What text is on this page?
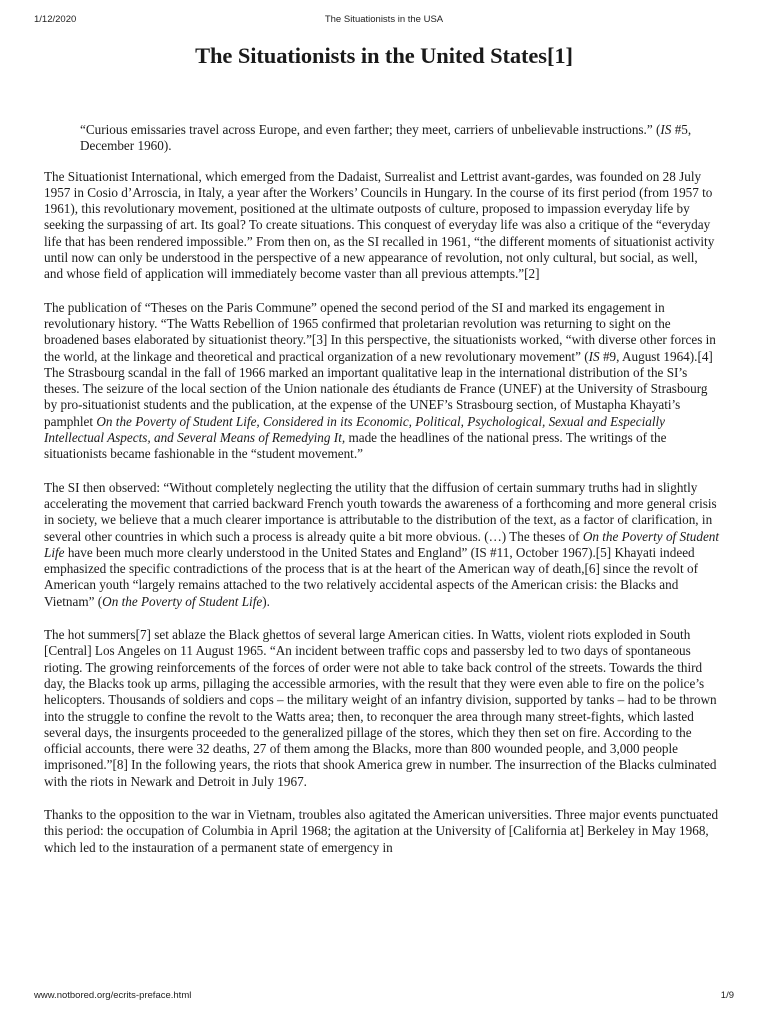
1/12/2020	The Situationists in the USA
The Situationists in the United States[1]
“Curious emissaries travel across Europe, and even farther; they meet, carriers of unbelievable instructions.” (IS #5, December 1960).

The Situationist International, which emerged from the Dadaist, Surrealist and Lettrist avant-gardes, was founded on 28 July 1957 in Cosio d’Arroscia, in Italy, a year after the Workers’ Councils in Hungary. In the course of its first period (from 1957 to 1961), this revolutionary movement, positioned at the ultimate outposts of culture, proposed to impassion everyday life by seeking the surpassing of art. Its goal? To create situations. This conquest of everyday life was also a critique of the “everyday life that has been rendered impossible.” From then on, as the SI recalled in 1961, “the different moments of situationist activity until now can only be understood in the perspective of a new appearance of revolution, not only cultural, but social, as well, and whose field of application will immediately become vaster than all previous attempts.”[2]

The publication of “Theses on the Paris Commune” opened the second period of the SI and marked its engagement in revolutionary history. “The Watts Rebellion of 1965 confirmed that proletarian revolution was returning to sight on the broadened bases elaborated by situationist theory.”[3] In this perspective, the situationists worked, “with diverse other forces in the world, at the linkage and theoretical and practical organization of a new revolutionary movement” (IS #9, August 1964).[4] The Strasbourg scandal in the fall of 1966 marked an important qualitative leap in the international distribution of the SI’s theses. The seizure of the local section of the Union nationale des étudiants de France (UNEF) at the University of Strasbourg by pro-situationist students and the publication, at the expense of the UNEF’s Strasbourg section, of Mustapha Khayati’s pamphlet On the Poverty of Student Life, Considered in its Economic, Political, Psychological, Sexual and Especially Intellectual Aspects, and Several Means of Remedying It, made the headlines of the national press. The writings of the situationists became fashionable in the “student movement.”

The SI then observed: “Without completely neglecting the utility that the diffusion of certain summary truths had in slightly accelerating the movement that carried backward French youth towards the awareness of a forthcoming and more general crisis in society, we believe that a much clearer importance is attributable to the distribution of the text, as a factor of clarification, in several other countries in which such a process is already quite a bit more obvious. (…) The theses of On the Poverty of Student Life have been much more clearly understood in the United States and England” (IS #11, October 1967).[5] Khayati indeed emphasized the specific contradictions of the process that is at the heart of the American way of death,[6] since the revolt of American youth “largely remains attached to the two relatively accidental aspects of the American crisis: the Blacks and Vietnam” (On the Poverty of Student Life).

The hot summers[7] set ablaze the Black ghettos of several large American cities. In Watts, violent riots exploded in South [Central] Los Angeles on 11 August 1965. “An incident between traffic cops and passersby led to two days of spontaneous rioting. The growing reinforcements of the forces of order were not able to take back control of the streets. Towards the third day, the Blacks took up arms, pillaging the accessible armories, with the result that they were even able to fire on the police’s helicopters. Thousands of soldiers and cops – the military weight of an infantry division, supported by tanks – had to be thrown into the struggle to confine the revolt to the Watts area; then, to reconquer the area through many street-fights, which lasted several days, the insurgents proceeded to the generalized pillage of the stores, which they then set on fire. According to the official accounts, there were 32 deaths, 27 of them among the Blacks, more than 800 wounded people, and 3,000 people imprisoned.”[8] In the following years, the riots that shook America grew in number. The insurrection of the Blacks culminated with the riots in Newark and Detroit in July 1967.

Thanks to the opposition to the war in Vietnam, troubles also agitated the American universities. Three major events punctuated this period: the occupation of Columbia in April 1968; the agitation at the University of [California at] Berkeley in May 1968, which led to the instauration of a permanent state of emergency in

www.notbored.org/ecrits-preface.html	1/9
